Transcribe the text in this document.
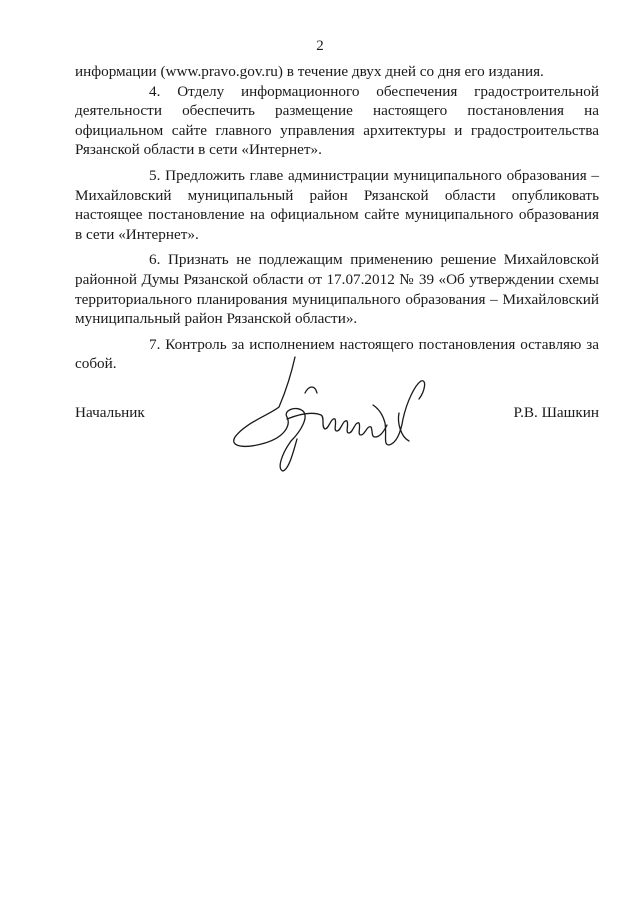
2

информации (www.pravo.gov.ru) в течение двух дней со дня его издания.

4. Отделу информационного обеспечения градостроительной деятельности обеспечить размещение настоящего постановления на официальном сайте главного управления архитектуры и градостроительства Рязанской области в сети «Интернет».

5. Предложить главе администрации муниципального образования – Михайловский муниципальный район Рязанской области опубликовать настоящее постановление на официальном сайте муниципального образования в сети «Интернет».

6. Признать не подлежащим применению решение Михайловской районной Думы Рязанской области от 17.07.2012 № 39 «Об утверждении схемы территориального планирования муниципального образования – Михайловский муниципальный район Рязанской области».

7. Контроль за исполнением настоящего постановления оставляю за собой.

Начальник	Р.В. Шашкин
